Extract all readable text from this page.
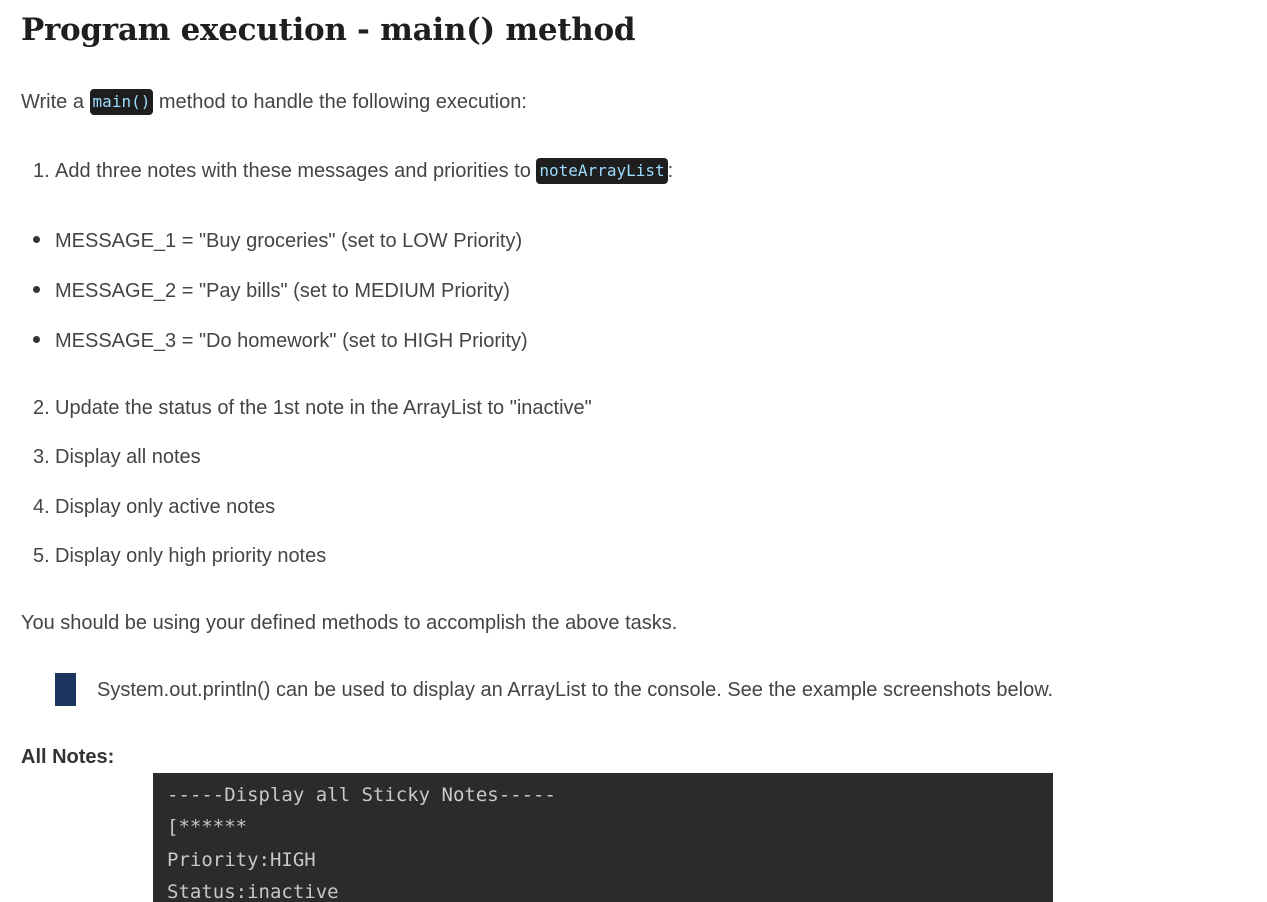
Program execution - main() method

Write a main() method to handle the following execution:

1. Add three notes with these messages and priorities to noteArrayList :

MESSAGE_1 = "Buy groceries" (set to LOW Priority)

MESSAGE_2 = "Pay bills" (set to MEDIUM Priority)

MESSAGE_3 = "Do homework" (set to HIGH Priority)

2. Update the status of the 1st note in the ArrayList to "inactive"

3. Display all notes

4. Display only active notes

5. Display only high priority notes

You should be using your defined methods to accomplish the above tasks.

System.out.println() can be used to display an ArrayList to the console. See the example screenshots below.

All Notes:

-----Display all Sticky Notes-----

[******

Priority:HIGH

Status:inactive
